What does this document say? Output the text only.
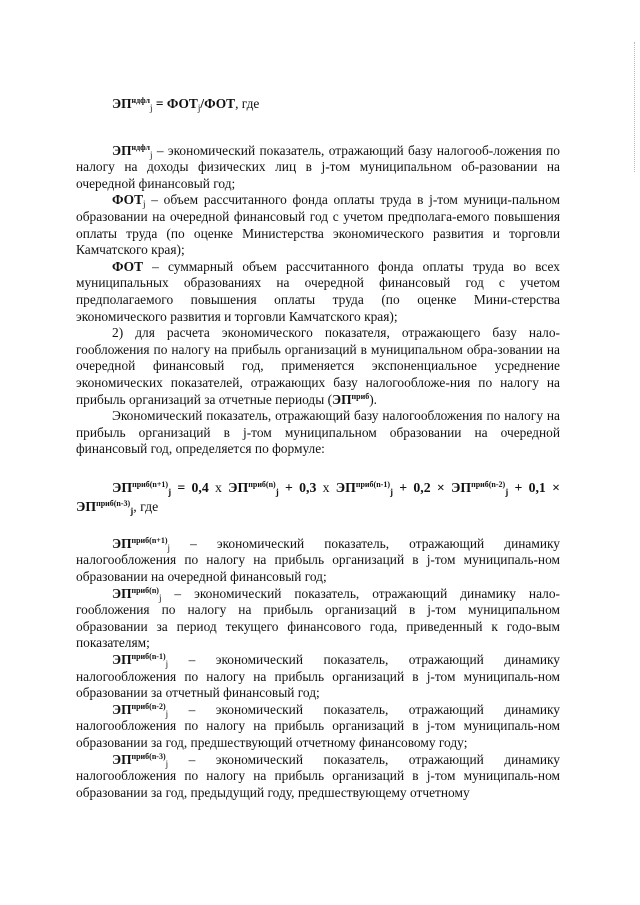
$ЭП^{ндфл}_j = ФОТ_j/ФОТ$, где

$ЭП^{ндфл}_j$ – экономический показатель, отражающий базу налогооб-ложения по налогу на доходы физических лиц в j-том муниципальном об-разовании на очередной финансовый год;

$ФОТ_j$ – объем рассчитанного фонда оплаты труда в j-том муници-пальном образовании на очередной финансовый год с учетом предполага-емого повышения оплаты труда (по оценке Министерства экономического развития и торговли Камчатского края);

ФОТ – суммарный объем рассчитанного фонда оплаты труда во всех муниципальных образованиях на очередной финансовый год с учетом предполагаемого повышения оплаты труда (по оценке Мини-стерства экономического развития и торговли Камчатского края);

2) для расчета экономического показателя, отражающего базу нало-гообложения по налогу на прибыль организаций в муниципальном обра-зовании на очередной финансовый год, применяется экспоненциальное усреднение экономических показателей, отражающих базу налогообложе-ния по налогу на прибыль организаций за отчетные периоды $(ЭП^{приб})$.

Экономический показатель, отражающий базу налогообложения по налогу на прибыль организаций в j-том муниципальном образовании на очередной финансовый год, определяется по формуле:

$ЭП^{приб(n+1)}_j = 0,4$ x $ЭП^{приб(n)}_j + 0,3$ x $ЭП^{приб(n-1)}_j + 0,2 \times ЭП^{приб(n-2)}_j + 0,1 \times ЭП^{приб(n-3)}_j$, где

$ЭП^{приб(n+1)}_j$ – экономический показатель, отражающий динамику налогообложения по налогу на прибыль организаций в j-том муниципаль-ном образовании на очередной финансовый год;

$ЭП^{приб(n)}_j$ – экономический показатель, отражающий динамику нало-гообложения по налогу на прибыль организаций в j-том муниципальном образовании за период текущего финансового года, приведенный к годо-вым показателям;

$ЭП^{приб(n-1)}_j$ – экономический показатель, отражающий динамику налогообложения по налогу на прибыль организаций в j-том муниципаль-ном образовании за отчетный финансовый год;

$ЭП^{приб(n-2)}_j$ – экономический показатель, отражающий динамику налогообложения по налогу на прибыль организаций в j-том муниципаль-ном образовании за год, предшествующий отчетному финансовому году;

$ЭП^{приб(n-3)}_j$ – экономический показатель, отражающий динамику налогообложения по налогу на прибыль организаций в j-том муниципаль-ном образовании за год, предыдущий году, предшествующему отчетному
